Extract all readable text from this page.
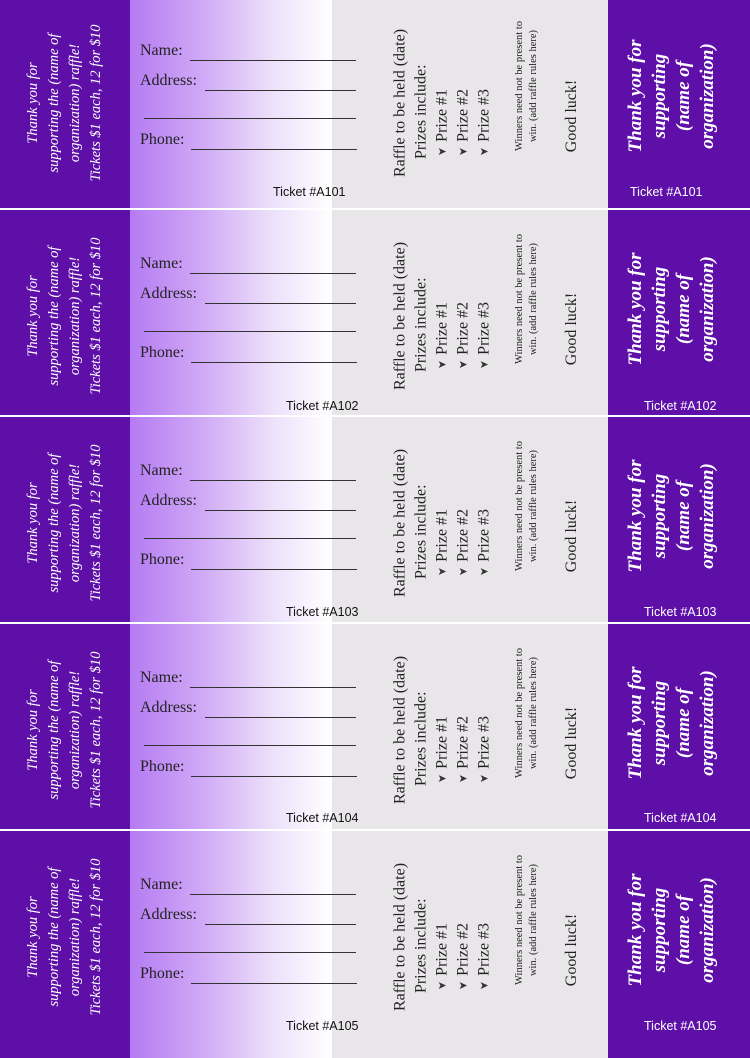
Thank you for supporting the (name of organization) raffle! Tickets $1 each, 12 for $10 Name:
Address:
Phone:
Ticket #A101
Raffle to be held (date) Prizes include: ➤
Prize #1
➤
Prize #2
➤
Prize #3 Winners need not be present to win. (add raffle rules here) Good luck! Thank you for supporting (name of organization)
Ticket #A101
Thank you for supporting the (name of organization) raffle! Tickets $1 each, 12 for $10 Name:
Address:
Phone:
Ticket #A102
Raffle to be held (date) Prizes include: ➤
Prize #1
➤
Prize #2
➤
Prize #3 Winners need not be present to win. (add raffle rules here) Good luck! Thank you for supporting (name of organization)
Ticket #A102
Thank you for supporting the (name of organization) raffle! Tickets $1 each, 12 for $10 Name:
Address:
Phone:
Ticket #A103
Raffle to be held (date) Prizes include: ➤
Prize #1
➤
Prize #2
➤
Prize #3 Winners need not be present to win. (add raffle rules here) Good luck! Thank you for supporting (name of organization)
Ticket #A103
Thank you for supporting the (name of organization) raffle! Tickets $1 each, 12 for $10 Name:
Address:
Phone:
Ticket #A104
Raffle to be held (date) Prizes include: ➤
Prize #1
➤
Prize #2
➤
Prize #3 Winners need not be present to win. (add raffle rules here) Good luck! Thank you for supporting (name of organization)
Ticket #A104
Thank you for supporting the (name of organization) raffle! Tickets $1 each, 12 for $10 Name:
Address:
Phone:
Ticket #A105
Raffle to be held (date) Prizes include: ➤
Prize #1
➤
Prize #2
➤
Prize #3 Winners need not be present to win. (add raffle rules here) Good luck! Thank you for supporting (name of organization)
Ticket #A105
